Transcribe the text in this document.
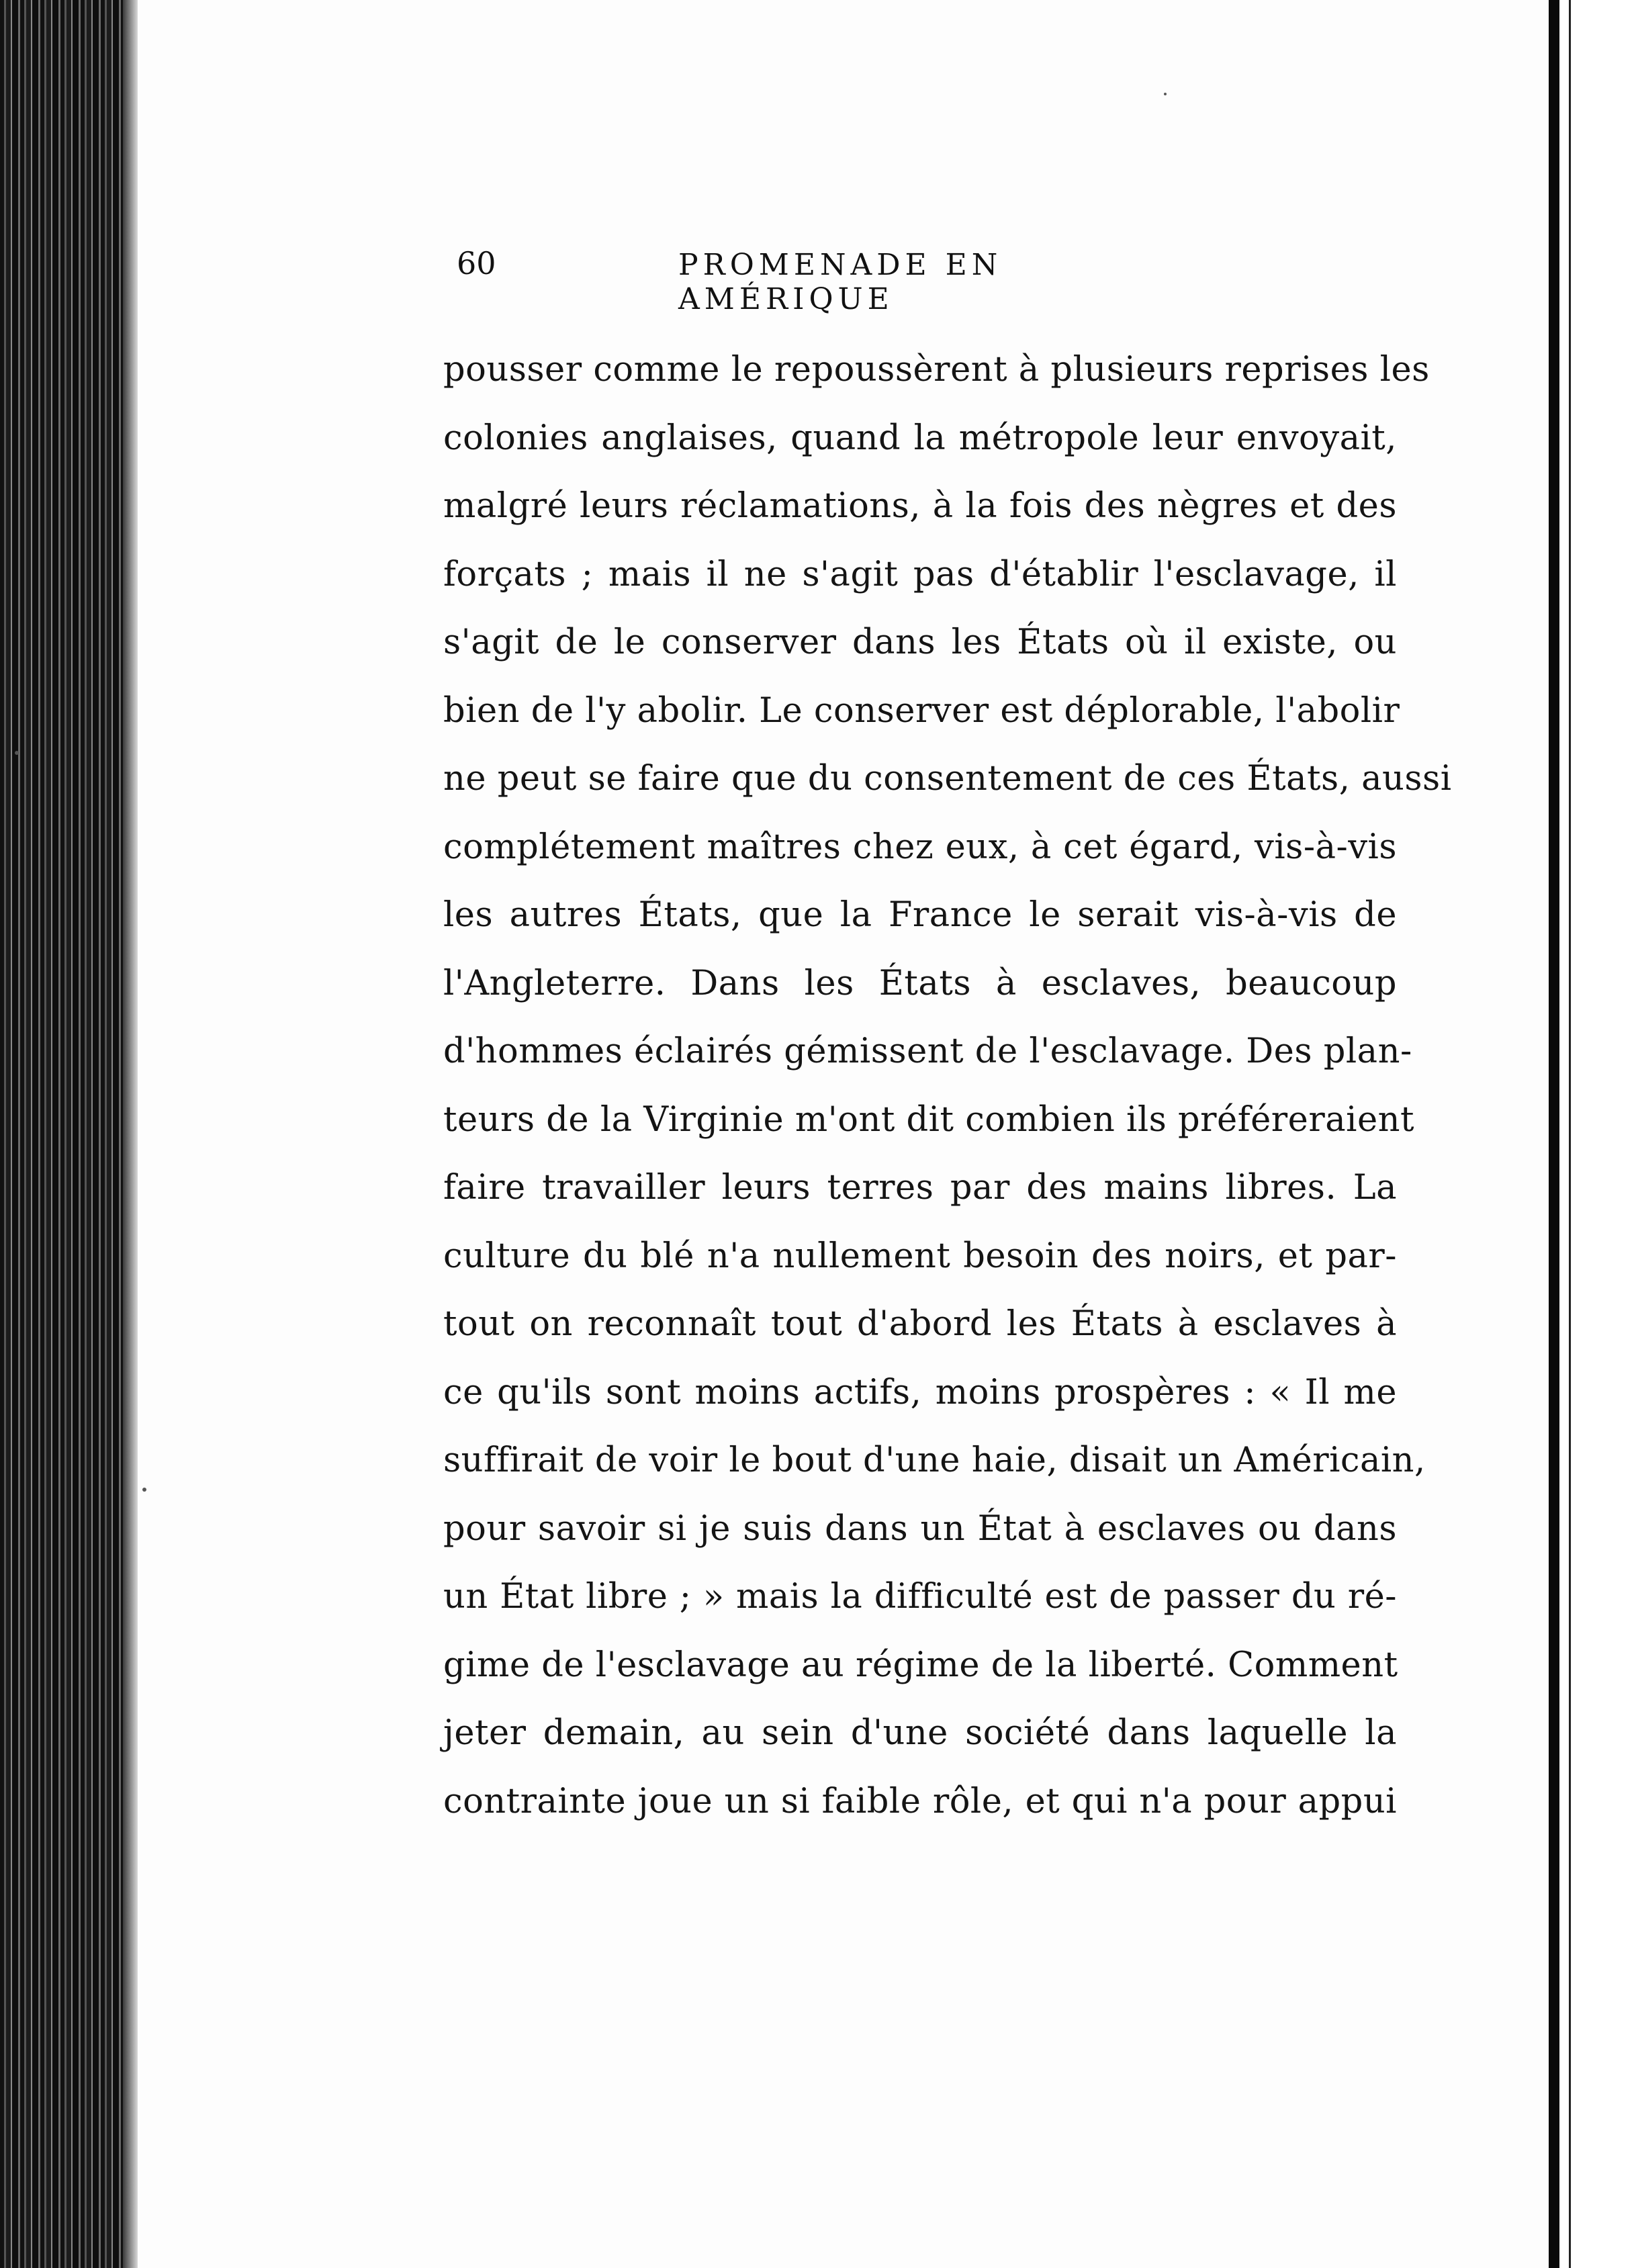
60	PROMENADE EN AMÉRIQUE
pousser comme le repoussèrent à plusieurs reprises les
colonies anglaises, quand la métropole leur envoyait,
malgré leurs réclamations, à la fois des nègres et des
forçats ; mais il ne s'agit pas d'établir l'esclavage, il
s'agit de le conserver dans les États où il existe, ou
bien de l'y abolir. Le conserver est déplorable, l'abolir
ne peut se faire que du consentement de ces États, aussi
complétement maîtres chez eux, à cet égard, vis-à-vis
les autres États, que la France le serait vis-à-vis de
l'Angleterre. Dans les États à esclaves, beaucoup
d'hommes éclairés gémissent de l'esclavage. Des plan-
teurs de la Virginie m'ont dit combien ils préféreraient
faire travailler leurs terres par des mains libres. La
culture du blé n'a nullement besoin des noirs, et par-
tout on reconnaît tout d'abord les États à esclaves à
ce qu'ils sont moins actifs, moins prospères : « Il me
suffirait de voir le bout d'une haie, disait un Américain,
pour savoir si je suis dans un État à esclaves ou dans
un État libre ; » mais la difficulté est de passer du ré-
gime de l'esclavage au régime de la liberté. Comment
jeter demain, au sein d'une société dans laquelle la
contrainte joue un si faible rôle, et qui n'a pour appui
